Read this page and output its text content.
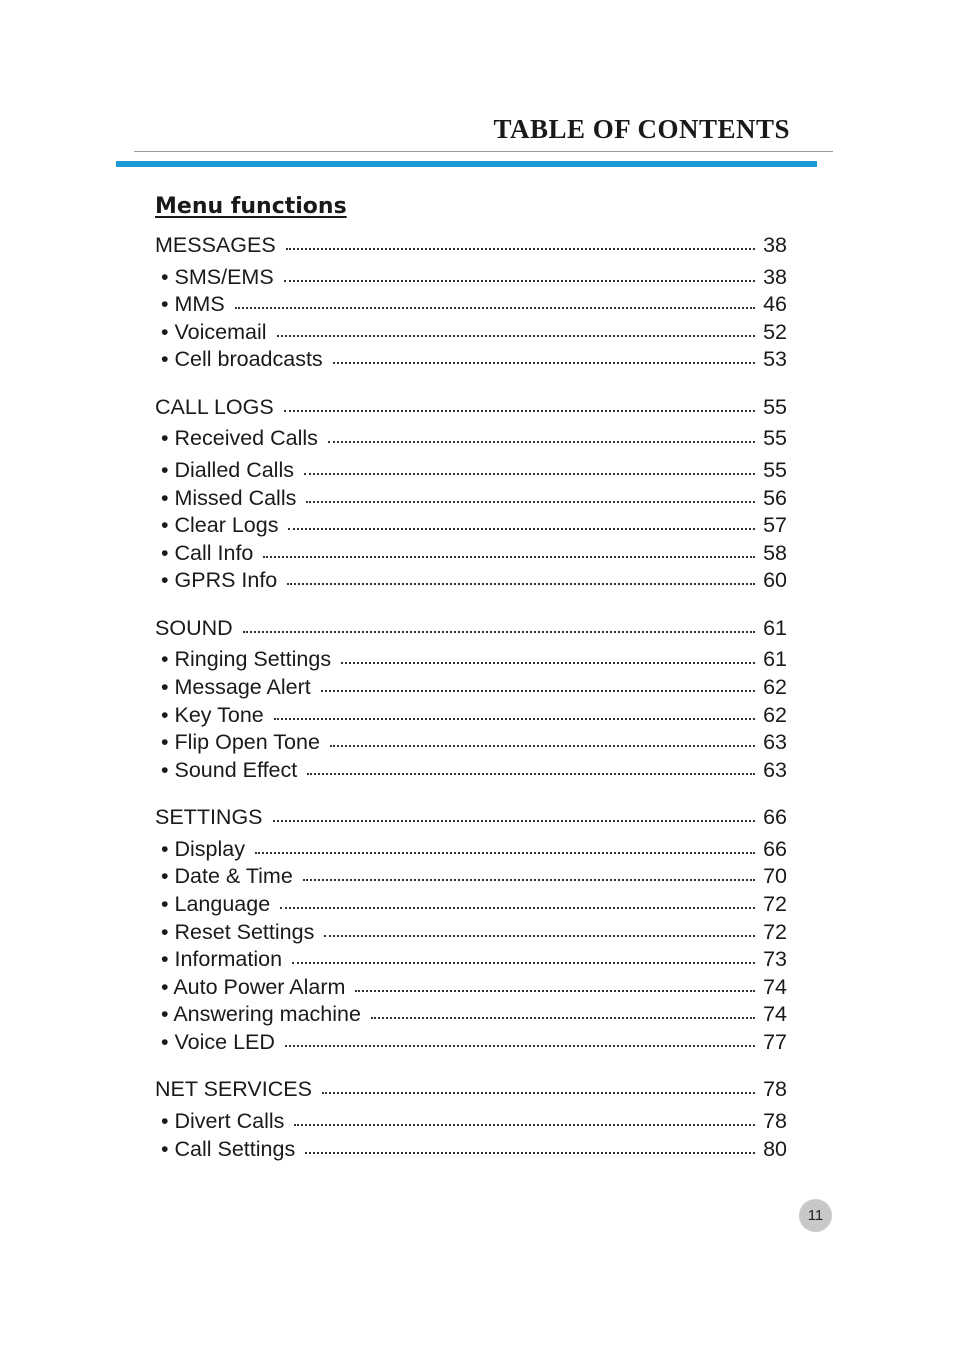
TABLE OF CONTENTS
Menu functions
MESSAGES	38
• SMS/EMS	38
• MMS	46
• Voicemail	52
• Cell broadcasts	53
CALL LOGS	55
• Received Calls	55
• Dialled Calls	55
• Missed Calls	56
• Clear Logs	57
• Call Info	58
• GPRS Info	60
SOUND	61
• Ringing Settings	61
• Message Alert	62
• Key Tone	62
• Flip Open Tone	63
• Sound Effect	63
SETTINGS	66
• Display	66
• Date & Time	70
• Language	72
• Reset Settings	72
• Information	73
• Auto Power Alarm	74
• Answering machine	74
• Voice LED	77
NET SERVICES	78
• Divert Calls	78
• Call Settings	80
11
